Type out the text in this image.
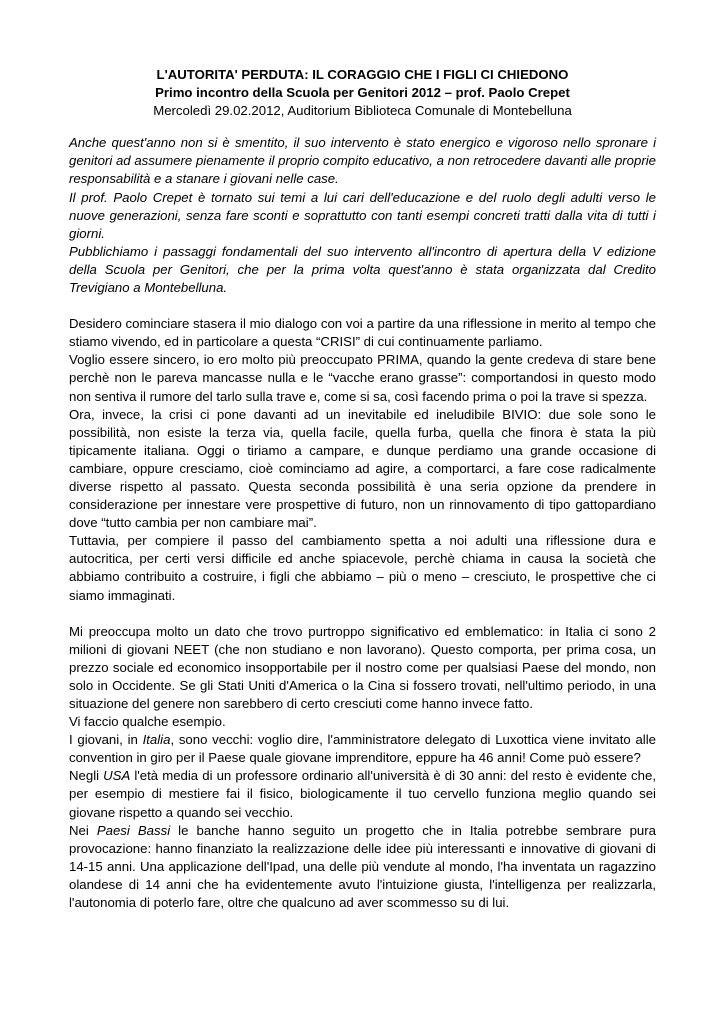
L'AUTORITA' PERDUTA: IL CORAGGIO CHE I FIGLI CI CHIEDONO
Primo incontro della Scuola per Genitori 2012 – prof. Paolo Crepet
Mercoledì 29.02.2012, Auditorium Biblioteca Comunale di Montebelluna

Anche quest'anno non si è smentito, il suo intervento è stato energico e vigoroso nello spronare i genitori ad assumere pienamente il proprio compito educativo, a non retrocedere davanti alle proprie responsabilità e a stanare i giovani nelle case.

Il prof. Paolo Crepet è tornato sui temi a lui cari dell'educazione e del ruolo degli adulti verso le nuove generazioni, senza fare sconti e soprattutto con tanti esempi concreti tratti dalla vita di tutti i giorni.

Pubblichiamo i passaggi fondamentali del suo intervento all'incontro di apertura della V edizione della Scuola per Genitori, che per la prima volta quest'anno è stata organizzata dal Credito Trevigiano a Montebelluna.

Desidero cominciare stasera il mio dialogo con voi a partire da una riflessione in merito al tempo che stiamo vivendo, ed in particolare a questa “CRISI” di cui continuamente parliamo.

Voglio essere sincero, io ero molto più preoccupato PRIMA, quando la gente credeva di stare bene perchè non le pareva mancasse nulla e le “vacche erano grasse”: comportandosi in questo modo non sentiva il rumore del tarlo sulla trave e, come si sa, così facendo prima o poi la trave si spezza.

Ora, invece, la crisi ci pone davanti ad un inevitabile ed ineludibile BIVIO: due sole sono le possibilità, non esiste la terza via, quella facile, quella furba, quella che finora è stata la più tipicamente italiana. Oggi o tiriamo a campare, e dunque perdiamo una grande occasione di cambiare, oppure cresciamo, cioè cominciamo ad agire, a comportarci, a fare cose radicalmente diverse rispetto al passato. Questa seconda possibilità è una seria opzione da prendere in considerazione per innestare vere prospettive di futuro, non un rinnovamento di tipo gattopardiano dove “tutto cambia per non cambiare mai”.

Tuttavia, per compiere il passo del cambiamento spetta a noi adulti una riflessione dura e autocritica, per certi versi difficile ed anche spiacevole, perchè chiama in causa la società che abbiamo contribuito a costruire, i figli che abbiamo – più o meno – cresciuto, le prospettive che ci siamo immaginati.

Mi preoccupa molto un dato che trovo purtroppo significativo ed emblematico: in Italia ci sono 2 milioni di giovani NEET (che non studiano e non lavorano). Questo comporta, per prima cosa, un prezzo sociale ed economico insopportabile per il nostro come per qualsiasi Paese del mondo, non solo in Occidente. Se gli Stati Uniti d'America o la Cina si fossero trovati, nell'ultimo periodo, in una situazione del genere non sarebbero di certo cresciuti come hanno invece fatto.

Vi faccio qualche esempio.

I giovani, in Italia, sono vecchi: voglio dire, l'amministratore delegato di Luxottica viene invitato alle convention in giro per il Paese quale giovane imprenditore, eppure ha 46 anni! Come può essere?

Negli USA l'età media di un professore ordinario all'università è di 30 anni: del resto è evidente che, per esempio di mestiere fai il fisico, biologicamente il tuo cervello funziona meglio quando sei giovane rispetto a quando sei vecchio.

Nei Paesi Bassi le banche hanno seguito un progetto che in Italia potrebbe sembrare pura provocazione: hanno finanziato la realizzazione delle idee più interessanti e innovative di giovani di 14-15 anni. Una applicazione dell'Ipad, una delle più vendute al mondo, l'ha inventata un ragazzino olandese di 14 anni che ha evidentemente avuto l'intuizione giusta, l'intelligenza per realizzarla, l'autonomia di poterlo fare, oltre che qualcuno ad aver scommesso su di lui.
